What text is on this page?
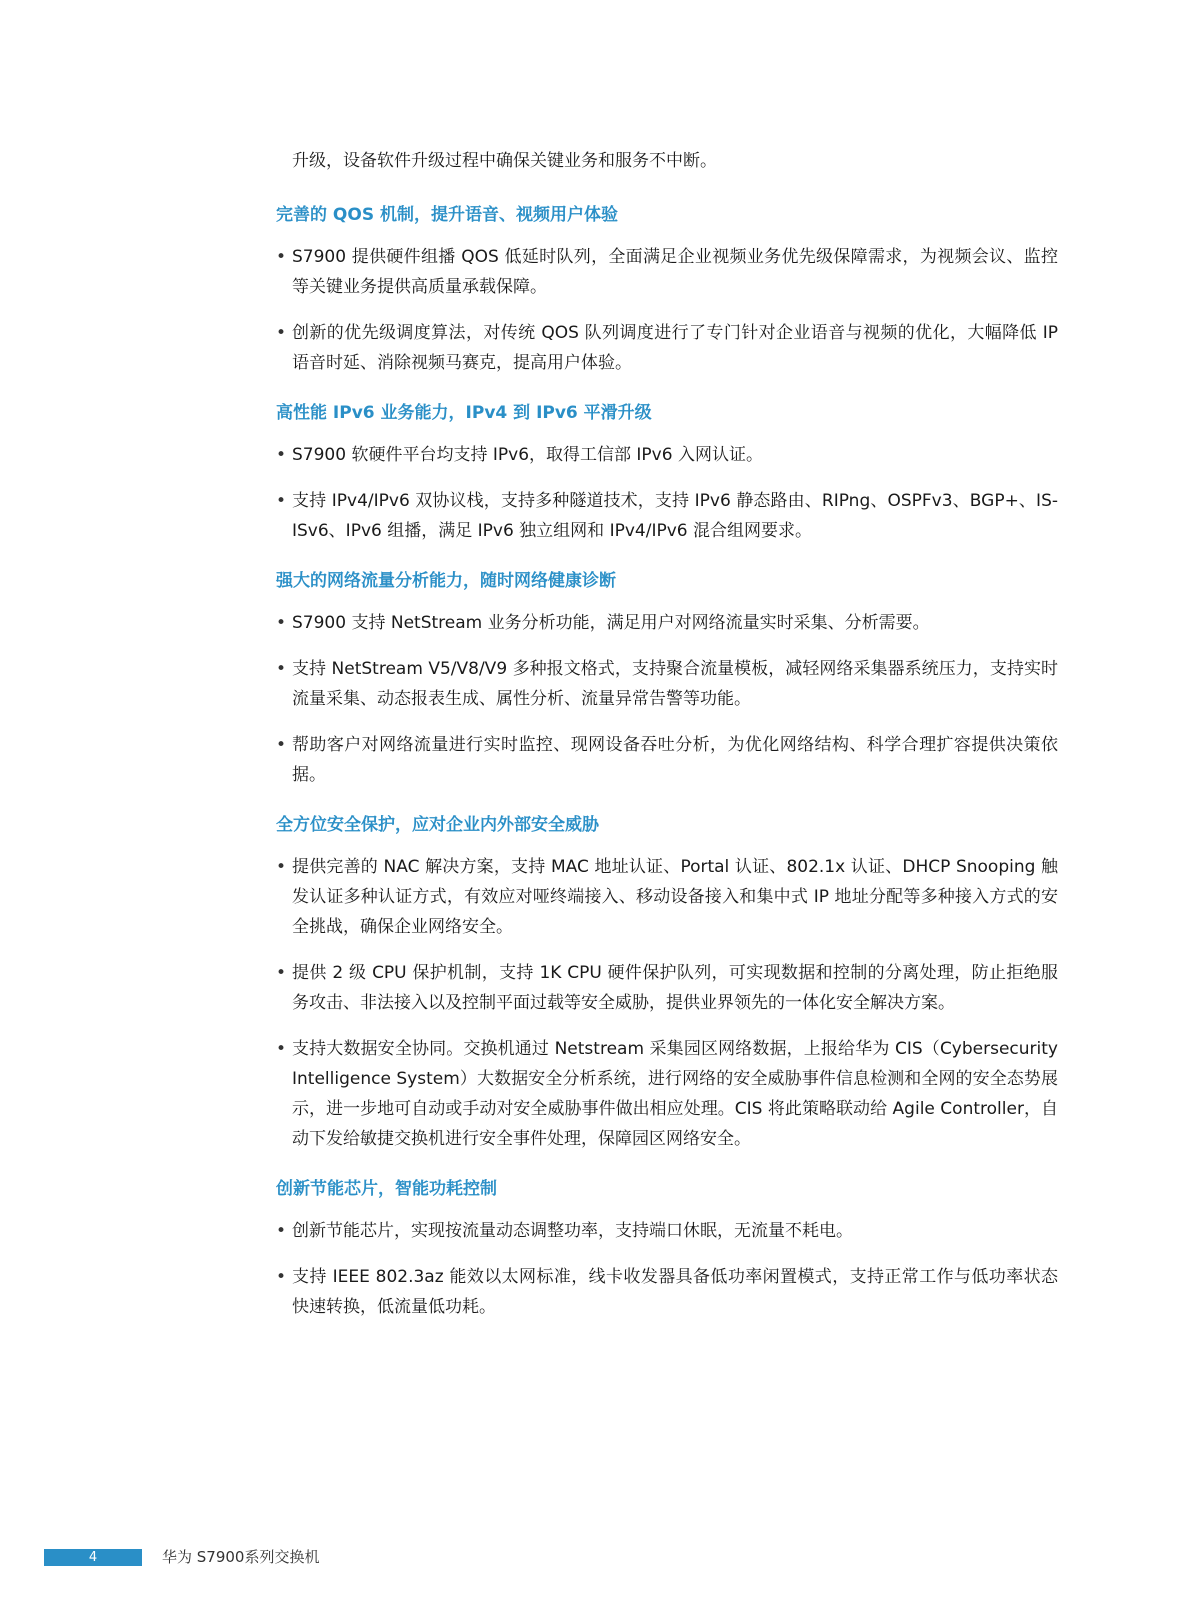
升级，设备软件升级过程中确保关键业务和服务不中断。

完善的 QOS 机制，提升语音、视频用户体验
• S7900 提供硬件组播 QOS 低延时队列，全面满足企业视频业务优先级保障需求，为视频会议、监控等关键业务提供高质量承载保障。
• 创新的优先级调度算法，对传统 QOS 队列调度进行了专门针对企业语音与视频的优化，大幅降低 IP 语音时延、消除视频马赛克，提高用户体验。
高性能 IPv6 业务能力，IPv4 到 IPv6 平滑升级
• S7900 软硬件平台均支持 IPv6，取得工信部 IPv6 入网认证。
• 支持 IPv4/IPv6 双协议栈，支持多种隧道技术，支持 IPv6 静态路由、RIPng、OSPFv3、BGP+、IS-ISv6、IPv6 组播，满足 IPv6 独立组网和 IPv4/IPv6 混合组网要求。
强大的网络流量分析能力，随时网络健康诊断
• S7900 支持 NetStream 业务分析功能，满足用户对网络流量实时采集、分析需要。
• 支持 NetStream V5/V8/V9 多种报文格式，支持聚合流量模板，减轻网络采集器系统压力，支持实时流量采集、动态报表生成、属性分析、流量异常告警等功能。
• 帮助客户对网络流量进行实时监控、现网设备吞吐分析，为优化网络结构、科学合理扩容提供决策依据。
全方位安全保护，应对企业内外部安全威胁
• 提供完善的 NAC 解决方案，支持 MAC 地址认证、Portal 认证、802.1x 认证、DHCP Snooping 触发认证多种认证方式，有效应对哑终端接入、移动设备接入和集中式 IP 地址分配等多种接入方式的安全挑战，确保企业网络安全。
• 提供 2 级 CPU 保护机制，支持 1K CPU 硬件保护队列，可实现数据和控制的分离处理，防止拒绝服务攻击、非法接入以及控制平面过载等安全威胁，提供业界领先的一体化安全解决方案。
• 支持大数据安全协同。交换机通过 Netstream 采集园区网络数据，上报给华为 CIS（Cybersecurity Intelligence System）大数据安全分析系统，进行网络的安全威胁事件信息检测和全网的安全态势展示，进一步地可自动或手动对安全威胁事件做出相应处理。CIS 将此策略联动给 Agile Controller，自动下发给敏捷交换机进行安全事件处理，保障园区网络安全。
创新节能芯片，智能功耗控制
• 创新节能芯片，实现按流量动态调整功率，支持端口休眠，无流量不耗电。
• 支持 IEEE 802.3az 能效以太网标准，线卡收发器具备低功率闲置模式，支持正常工作与低功率状态快速转换，低流量低功耗。
4	华为 S7900系列交换机
